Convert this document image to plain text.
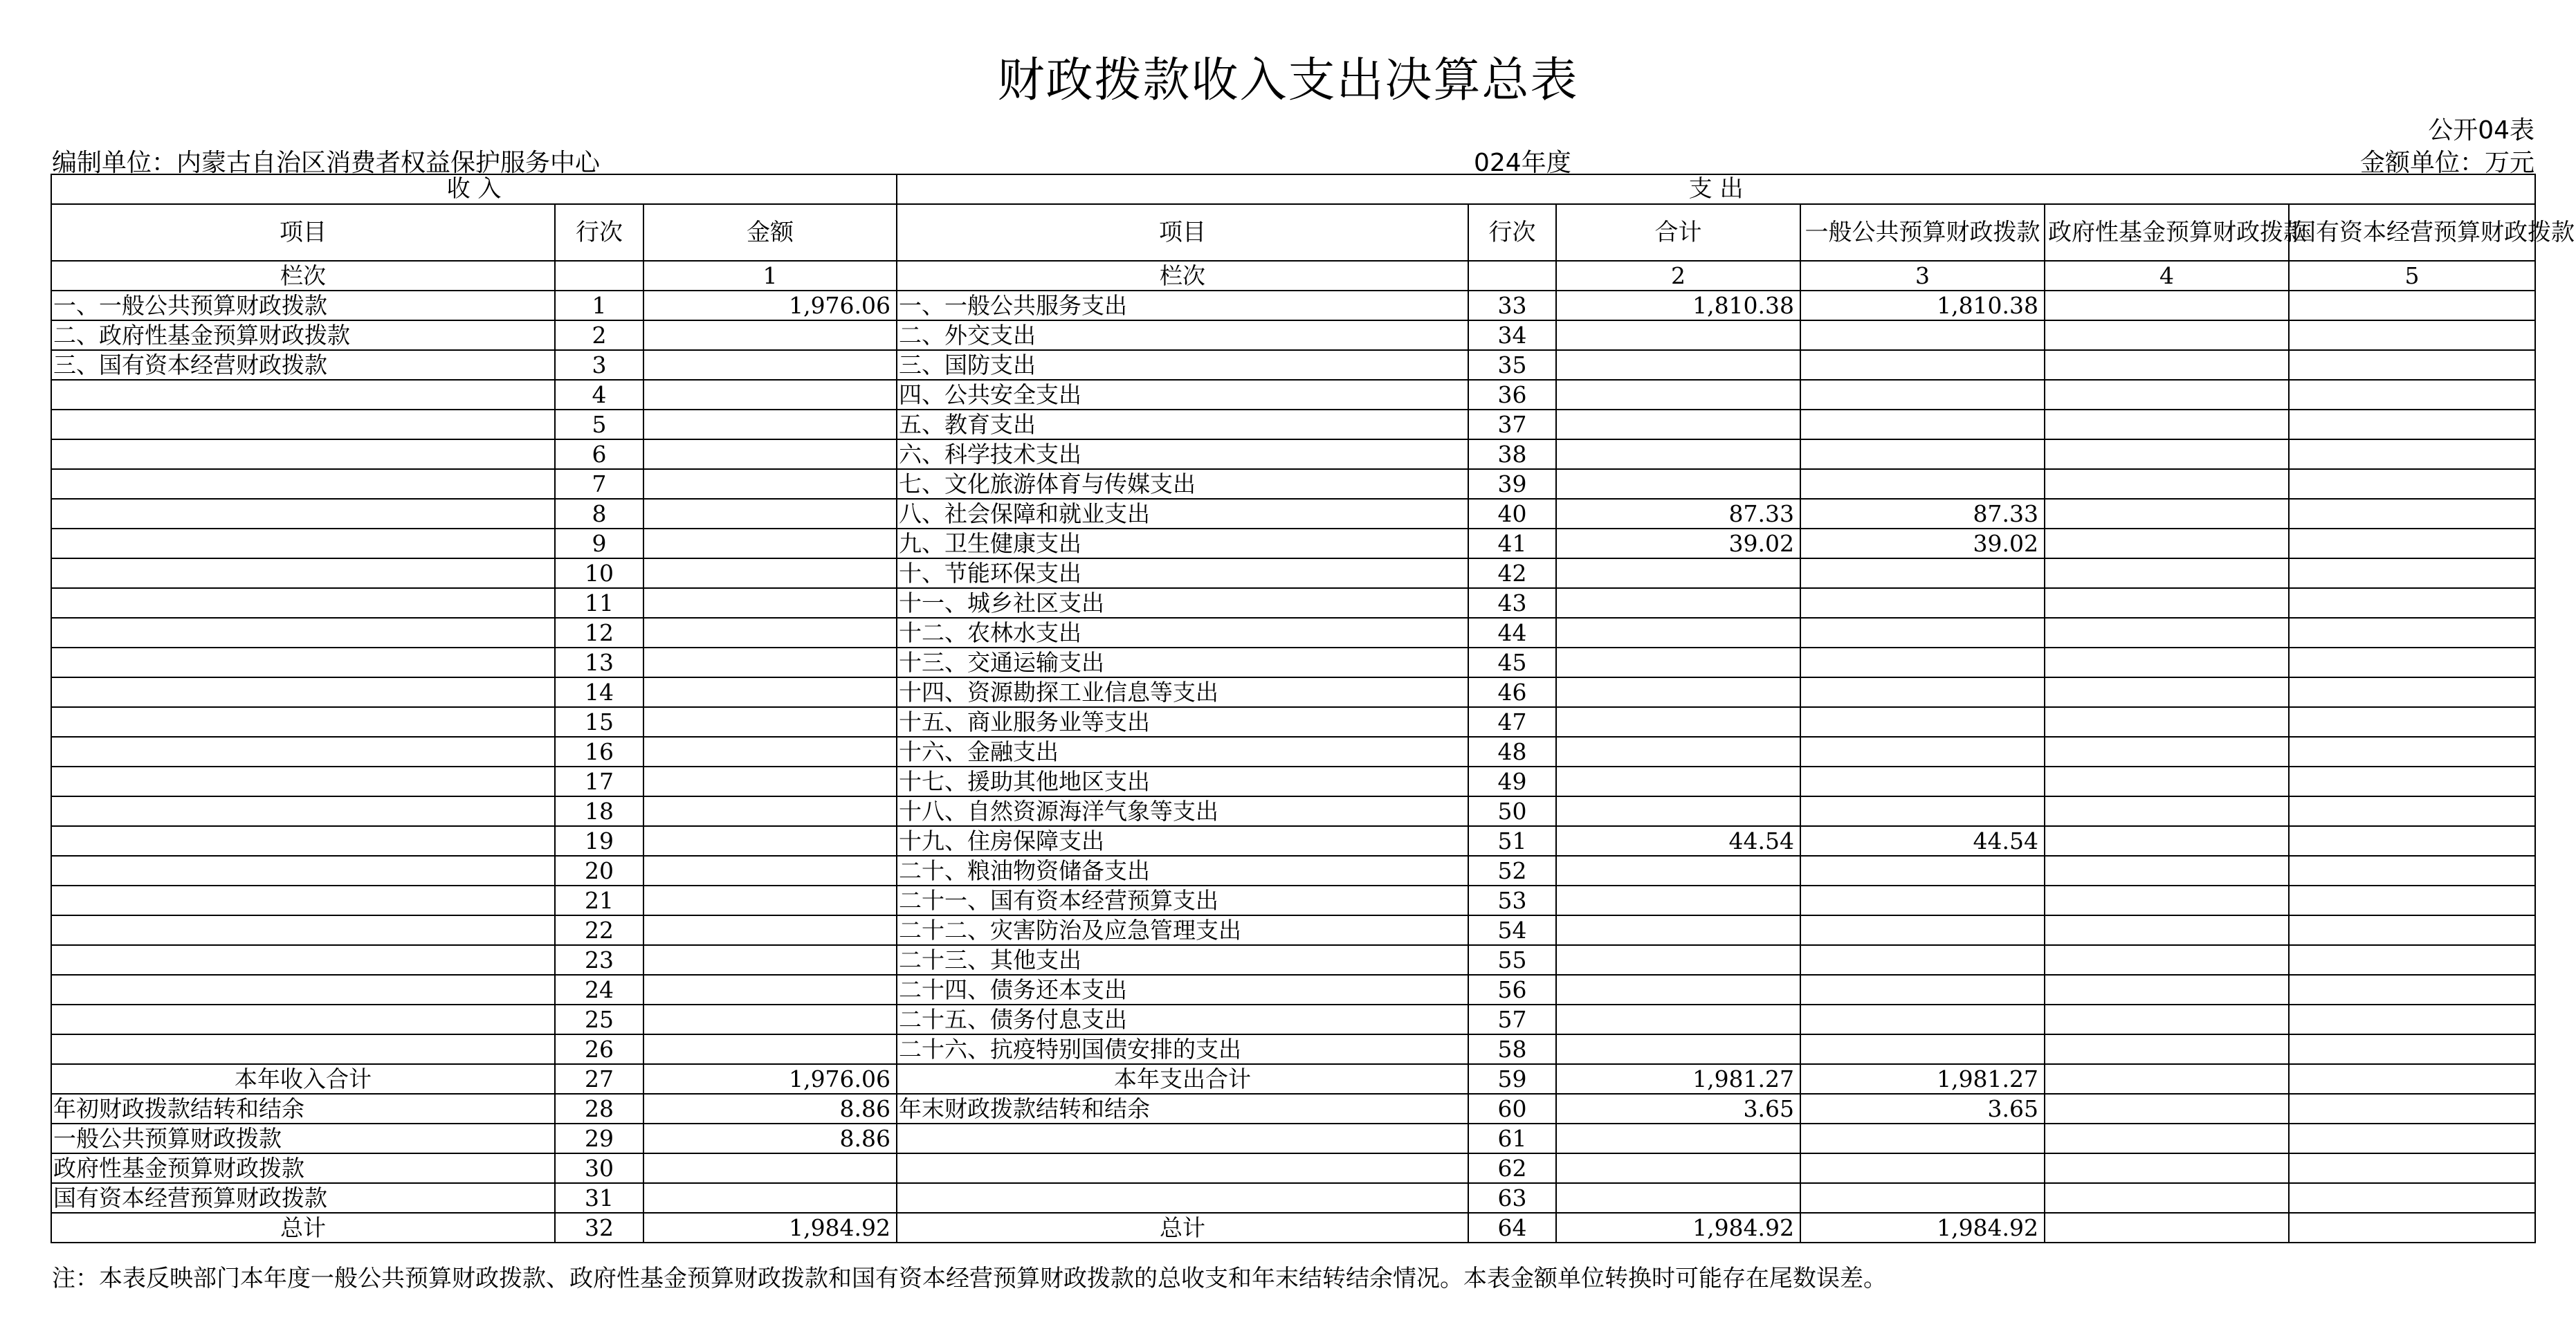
财政拨款收入支出决算总表
公开04表
编制单位：内蒙古自治区消费者权益保护服务中心	024年度	金额单位：万元
收 入			支 出					
项目	行次	金额	项目	行次	合计	一般公共预算财政拨款	政府性基金预算财政拨款	国有资本经营预算财政拨款
栏次		1	栏次		2	3	4	5
一、一般公共预算财政拨款	1	1,976.06	一、一般公共服务支出	33	1,810.38	1,810.38		
二、政府性基金预算财政拨款	2		二、外交支出	34				
三、国有资本经营财政拨款	3		三、国防支出	35				
	4		四、公共安全支出	36				
	5		五、教育支出	37				
	6		六、科学技术支出	38				
	7		七、文化旅游体育与传媒支出	39				
	8		八、社会保障和就业支出	40	87.33	87.33		
	9		九、卫生健康支出	41	39.02	39.02		
	10		十、节能环保支出	42				
	11		十一、城乡社区支出	43				
	12		十二、农林水支出	44				
	13		十三、交通运输支出	45				
	14		十四、资源勘探工业信息等支出	46				
	15		十五、商业服务业等支出	47				
	16		十六、金融支出	48				
	17		十七、援助其他地区支出	49				
	18		十八、自然资源海洋气象等支出	50				
	19		十九、住房保障支出	51	44.54	44.54		
	20		二十、粮油物资储备支出	52				
	21		二十一、国有资本经营预算支出	53				
	22		二十二、灾害防治及应急管理支出	54				
	23		二十三、其他支出	55				
	24		二十四、债务还本支出	56				
	25		二十五、债务付息支出	57				
	26		二十六、抗疫特别国债安排的支出	58				
本年收入合计	27	1,976.06	本年支出合计	59	1,981.27	1,981.27		
年初财政拨款结转和结余	28	8.86	年末财政拨款结转和结余	60	3.65	3.65		
一般公共预算财政拨款	29	8.86		61				
政府性基金预算财政拨款	30			62				
国有资本经营预算财政拨款	31			63				
总计	32	1,984.92	总计	64	1,984.92	1,984.92		
注：本表反映部门本年度一般公共预算财政拨款、政府性基金预算财政拨款和国有资本经营预算财政拨款的总收支和年末结转结余情况。本表金额单位转换时可能存在尾数误差。
